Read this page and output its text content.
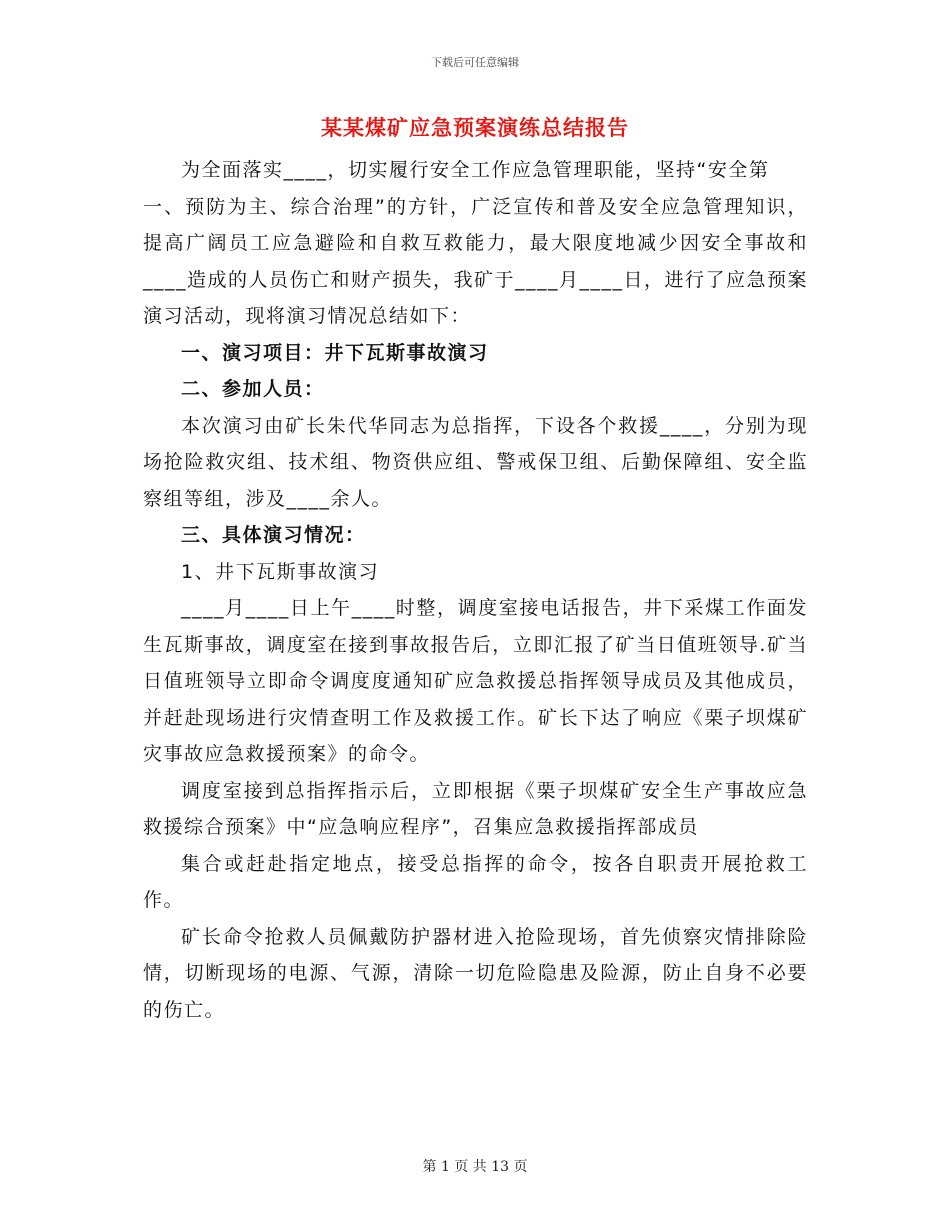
下载后可任意编辑
某某煤矿应急预案演练总结报告

为全面落实____，切实履行安全工作应急管理职能，坚持“安全第

一、预防为主、综合治理”的方针，广泛宣传和普及安全应急管理知识，提高广阔员工应急避险和自救互救能力，最大限度地减少因安全事故和____造成的人员伤亡和财产损失，我矿于____月____日，进行了应急预案演习活动，现将演习情况总结如下：

一、演习项目：井下瓦斯事故演习

二、参加人员：

本次演习由矿长朱代华同志为总指挥，下设各个救援____，分别为现场抢险救灾组、技术组、物资供应组、警戒保卫组、后勤保障组、安全监察组等组，涉及____余人。

三、具体演习情况：

1、井下瓦斯事故演习

____月____日上午____时整，调度室接电话报告，井下采煤工作面发生瓦斯事故，调度室在接到事故报告后，立即汇报了矿当日值班领导.矿当日值班领导立即命令调度度通知矿应急救援总指挥领导成员及其他成员，并赶赴现场进行灾情查明工作及救援工作。矿长下达了响应《栗子坝煤矿灾事故应急救援预案》的命令。

调度室接到总指挥指示后，立即根据《栗子坝煤矿安全生产事故应急救援综合预案》中“应急响应程序”，召集应急救援指挥部成员

集合或赶赴指定地点，接受总指挥的命令，按各自职责开展抢救工作。

矿长命令抢救人员佩戴防护器材进入抢险现场，首先侦察灾情排除险情，切断现场的电源、气源，清除一切危险隐患及险源，防止自身不必要的伤亡。

第 1 页 共 13 页
